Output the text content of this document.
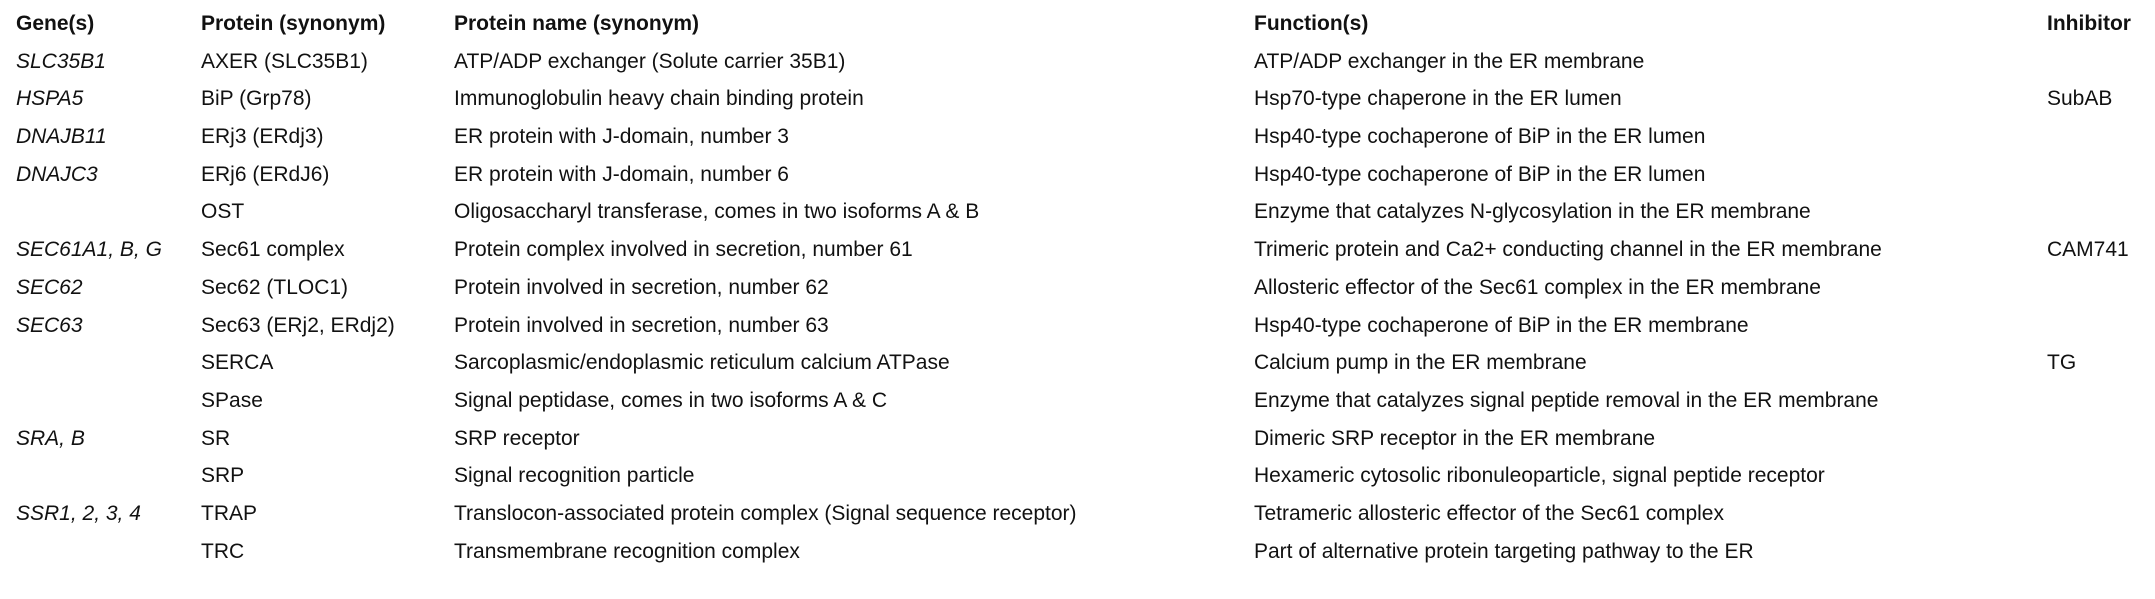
Gene(s)	Protein (synonym)	Protein name (synonym)	Function(s)	Inhibitor
SLC35B1	AXER (SLC35B1)	ATP/ADP exchanger (Solute carrier 35B1)	ATP/ADP exchanger in the ER membrane	
HSPA5	BiP (Grp78)	Immunoglobulin heavy chain binding protein	Hsp70-type chaperone in the ER lumen	SubAB
DNAJB11	ERj3 (ERdj3)	ER protein with J-domain, number 3	Hsp40-type cochaperone of BiP in the ER lumen	
DNAJC3	ERj6 (ERdJ6)	ER protein with J-domain, number 6	Hsp40-type cochaperone of BiP in the ER lumen	
	OST	Oligosaccharyl transferase, comes in two isoforms A & B	Enzyme that catalyzes N-glycosylation in the ER membrane	
SEC61A1, B, G	Sec61 complex	Protein complex involved in secretion, number 61	Trimeric protein and Ca2+ conducting channel in the ER membrane	CAM741
SEC62	Sec62 (TLOC1)	Protein involved in secretion, number 62	Allosteric effector of the Sec61 complex in the ER membrane	
SEC63	Sec63 (ERj2, ERdj2)	Protein involved in secretion, number 63	Hsp40-type cochaperone of BiP in the ER membrane	
	SERCA	Sarcoplasmic/endoplasmic reticulum calcium ATPase	Calcium pump in the ER membrane	TG
	SPase	Signal peptidase, comes in two isoforms A & C	Enzyme that catalyzes signal peptide removal in the ER membrane	
SRA, B	SR	SRP receptor	Dimeric SRP receptor in the ER membrane	
	SRP	Signal recognition particle	Hexameric cytosolic ribonuleoparticle, signal peptide receptor	
SSR1, 2, 3, 4	TRAP	Translocon-associated protein complex (Signal sequence receptor)	Tetrameric allosteric effector of the Sec61 complex	
	TRC	Transmembrane recognition complex	Part of alternative protein targeting pathway to the ER	
